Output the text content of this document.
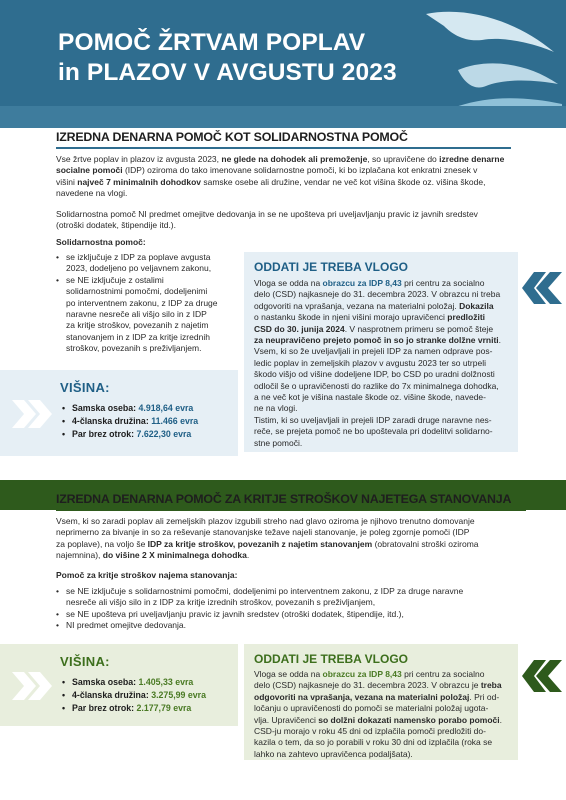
POMOČ ŽRTVAM POPLAV
in PLAZOV V AVGUSTU 2023
IZREDNA DENARNA POMOČ KOT SOLIDARNOSTNA POMOČ
Vse žrtve poplav in plazov iz avgusta 2023, ne glede na dohodek ali premoženje, so upravičene do izredne denarne
socialne pomoči (IDP) oziroma do tako imenovane solidarnostne pomoči, ki bo izplačana kot enkratni znesek v
višini največ 7 minimalnih dohodkov samske osebe ali družine, vendar ne več kot višina škode oz. višina škode,
navedene na vlogi.
Solidarnostna pomoč NI predmet omejitve dedovanja in se ne upošteva pri uveljavljanju pravic iz javnih sredstev
(otroški dodatek, štipendije itd.).
Solidarnostna pomoč:
• se izključuje z IDP za poplave avgusta
2023, dodeljeno po veljavnem zakonu,
• se NE izključuje z ostalimi
solidarnostnimi pomočmi, dodeljenimi
po interventnem zakonu, z IDP za druge
naravne nesreče ali višjo silo in z IDP
za kritje stroškov, povezanih z najetim
stanovanjem in z IDP za kritje izrednih
stroškov, povezanih s preživljanjem.
VIŠINA:
• Samska oseba: 4.918,64 evra
• 4-članska družina: 11.466 evra
• Par brez otrok: 7.622,30 evra
ODDATI JE TREBA VLOGO
Vloga se odda na obrazcu za IDP 8,43 pri centru za socialno
delo (CSD) najkasneje do 31. decembra 2023. V obrazcu ni treba
odgovoriti na vprašanja, vezana na materialni položaj. Dokazila
o nastanku škode in njeni višini morajo upravičenci predložiti
CSD do 30. junija 2024. V nasprotnem primeru se pomoč šteje
za neupravičeno prejeto pomoč in so jo stranke dolžne vrniti.
Vsem, ki so že uveljavljali in prejeli IDP za namen odprave pos-
ledic poplav in zemeljskih plazov v avgustu 2023 ter so utrpeli
škodo višjo od višine dodeljene IDP, bo CSD po uradni dolžnosti
odločil še o upravičenosti do razlike do 7x minimalnega dohodka,
a ne več kot je višina nastale škode oz. višine škode, navede-
ne na vlogi.
Tistim, ki so uveljavljali in prejeli IDP zaradi druge naravne nes-
reče, se prejeta pomoč ne bo upoštevala pri dodelitvi solidarno-
stne pomoči.
IZREDNA DENARNA POMOČ ZA KRITJE STROŠKOV NAJETEGA STANOVANJA
Vsem, ki so zaradi poplav ali zemeljskih plazov izgubili streho nad glavo oziroma je njihovo trenutno domovanje
neprimerno za bivanje in so za reševanje stanovanjske težave najeli stanovanje, je poleg zgornje pomoči (IDP
za poplave), na voljo še IDP za kritje stroškov, povezanih z najetim stanovanjem (obratovalni stroški oziroma
najemnina), do višine 2 X minimalnega dohodka.
Pomoč za kritje stroškov najema stanovanja:
• se NE izključuje s solidarnostnimi pomočmi, dodeljenimi po interventnem zakonu, z IDP za druge naravne
nesreče ali višjo silo in z IDP za kritje izrednih stroškov, povezanih s preživljanjem,
• se NE upošteva pri uveljavljanju pravic iz javnih sredstev (otroški dodatek, štipendije, itd.),
• NI predmet omejitve dedovanja.
VIŠINA:
• Samska oseba: 1.405,33 evra
• 4-članska družina: 3.275,99 evra
• Par brez otrok: 2.177,79 evra
ODDATI JE TREBA VLOGO
Vloga se odda na obrazcu za IDP 8,43 pri centru za socialno
delo (CSD) najkasneje do 31. decembra 2023. V obrazcu je treba
odgovoriti na vprašanja, vezana na materialni položaj. Pri od-
ločanju o upravičenosti do pomoči se materialni položaj ugota-
vlja. Upravičenci so dolžni dokazati namensko porabo pomoči.
CSD-ju morajo v roku 45 dni od izplačila pomoči predložiti do-
kazila o tem, da so jo porabili v roku 30 dni od izplačila (roka se
lahko na zahtevo upravičenca podaljšata).
